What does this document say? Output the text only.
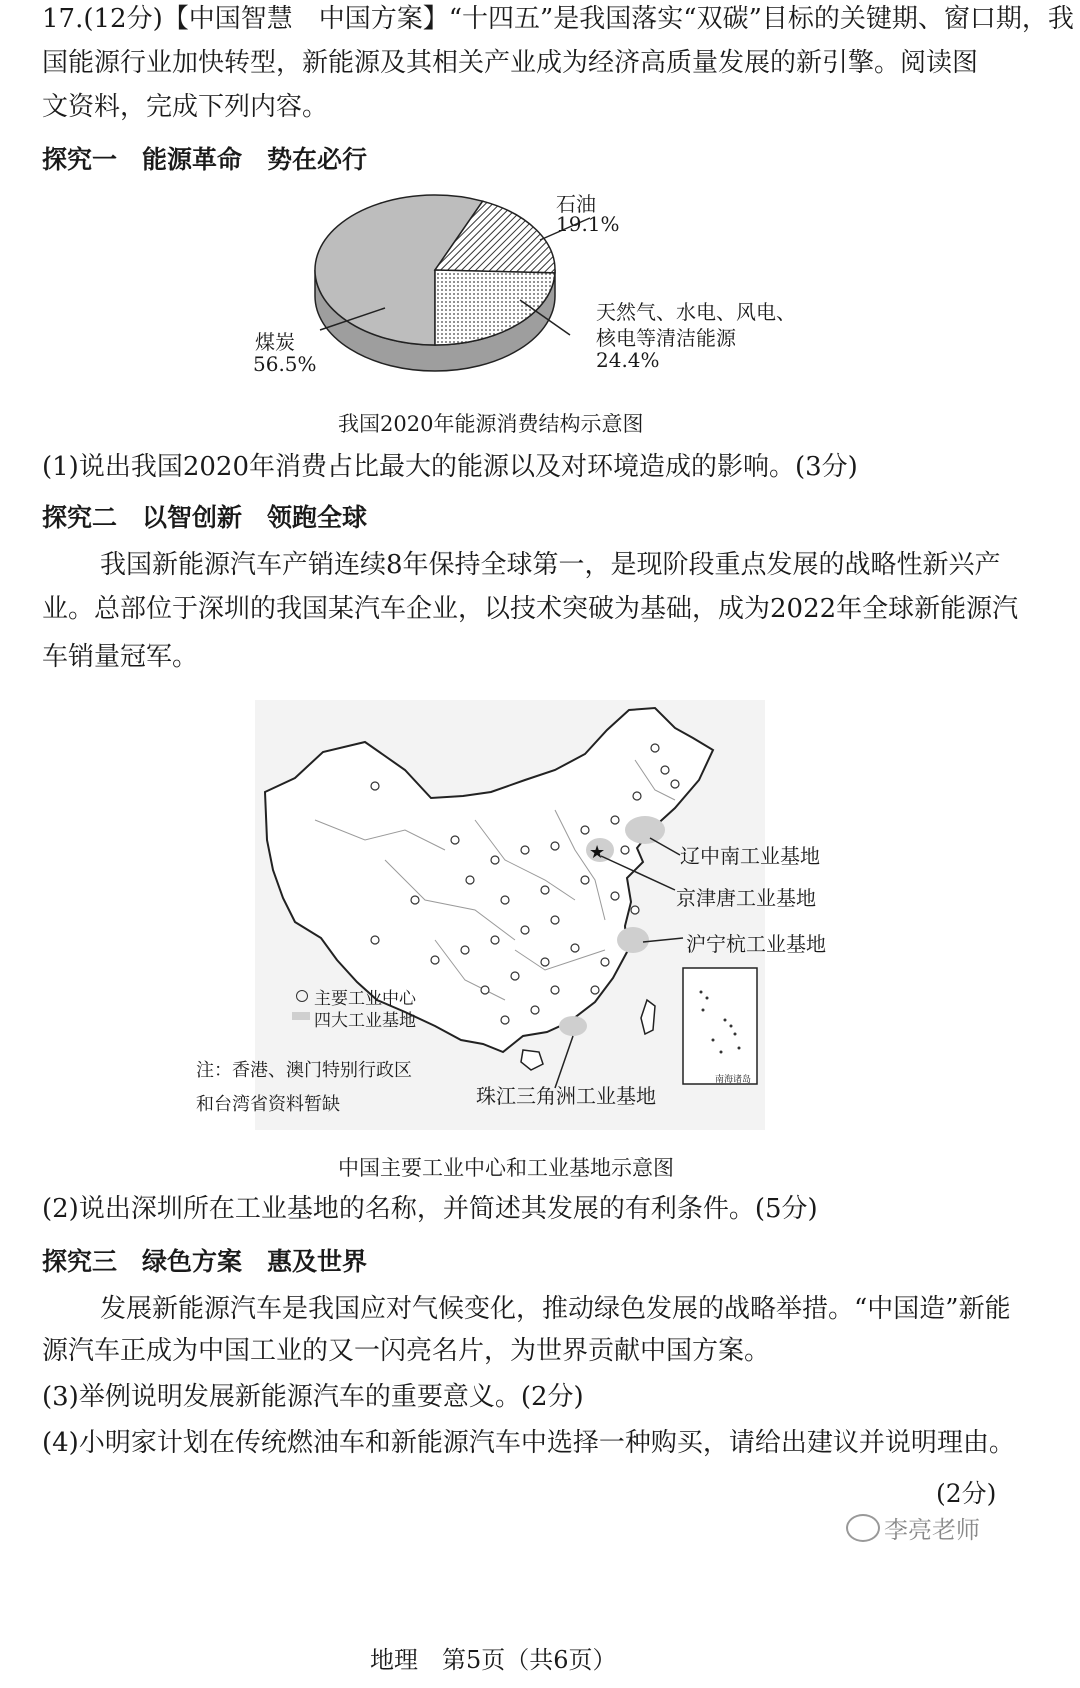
17.(12分)【中国智慧　中国方案】“十四五”是我国落实“双碳”目标的关键期、窗口期，我
国能源行业加快转型，新能源及其相关产业成为经济高质量发展的新引擎。阅读图
文资料，完成下列内容。
探究一　能源革命　势在必行
石油
19.1%
天然气、水电、风电、
核电等清洁能源
24.4%
煤炭
56.5%
我国2020年能源消费结构示意图
(1)说出我国2020年消费占比最大的能源以及对环境造成的影响。(3分)
探究二　以智创新　领跑全球
我国新能源汽车产销连续8年保持全球第一，是现阶段重点发展的战略性新兴产
业。总部位于深圳的我国某汽车企业，以技术突破为基础，成为2022年全球新能源汽
车销量冠军。
★	辽中南工业基地
京津唐工业基地
沪宁杭工业基地
珠江三角洲工业基地
主要工业中心
四大工业基地
注：香港、澳门特别行政区
和台湾省资料暂缺
南海诸岛
中国主要工业中心和工业基地示意图
(2)说出深圳所在工业基地的名称，并简述其发展的有利条件。(5分)
探究三　绿色方案　惠及世界
发展新能源汽车是我国应对气候变化，推动绿色发展的战略举措。“中国造”新能
源汽车正成为中国工业的又一闪亮名片，为世界贡献中国方案。
(3)举例说明发展新能源汽车的重要意义。(2分)
(4)小明家计划在传统燃油车和新能源汽车中选择一种购买，请给出建议并说明理由。
(2分)
李亮老师
地理　第5页（共6页）
